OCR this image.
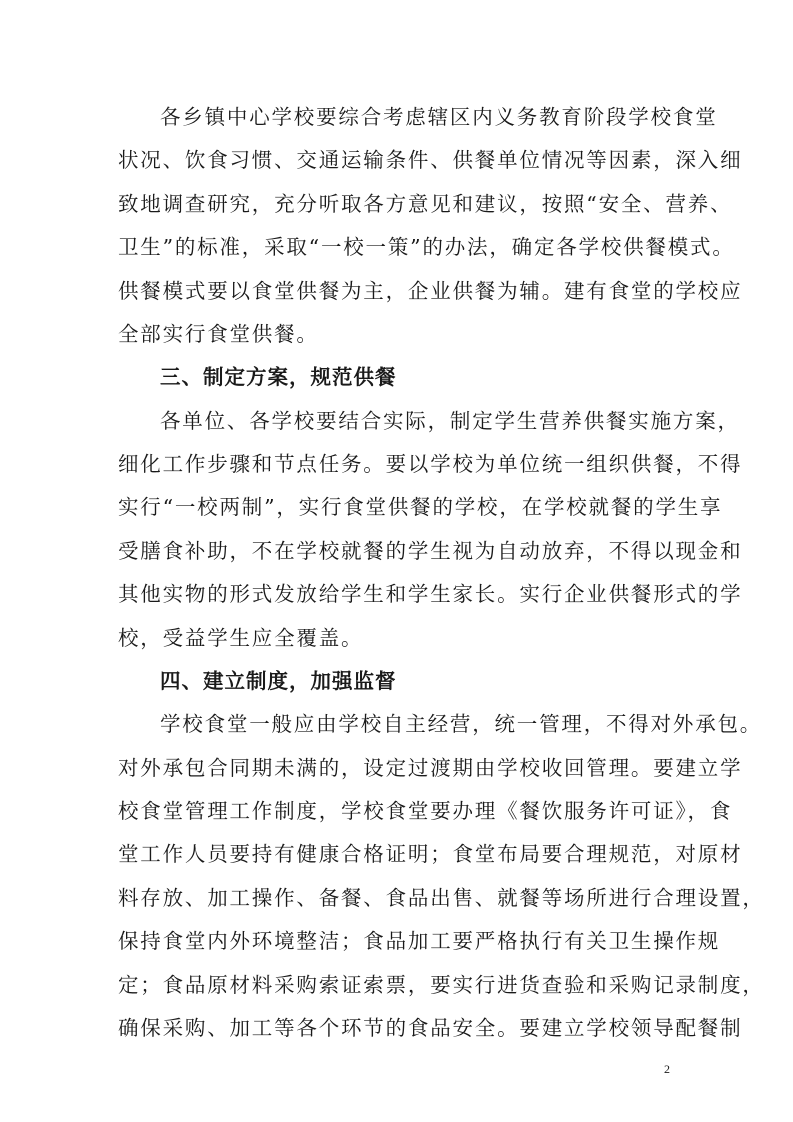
各乡镇中心学校要综合考虑辖区内义务教育阶段学校食堂
状况、饮食习惯、交通运输条件、供餐单位情况等因素，深入细
致地调查研究，充分听取各方意见和建议，按照“安全、营养、
卫生”的标准，采取“一校一策”的办法，确定各学校供餐模式。
供餐模式要以食堂供餐为主，企业供餐为辅。建有食堂的学校应
全部实行食堂供餐。
三、制定方案，规范供餐
各单位、各学校要结合实际，制定学生营养供餐实施方案，
细化工作步骤和节点任务。要以学校为单位统一组织供餐，不得
实行“一校两制”，实行食堂供餐的学校，在学校就餐的学生享
受膳食补助，不在学校就餐的学生视为自动放弃，不得以现金和
其他实物的形式发放给学生和学生家长。实行企业供餐形式的学
校，受益学生应全覆盖。
四、建立制度，加强监督
学校食堂一般应由学校自主经营，统一管理，不得对外承包。
对外承包合同期未满的，设定过渡期由学校收回管理。要建立学
校食堂管理工作制度，学校食堂要办理《餐饮服务许可证》，食
堂工作人员要持有健康合格证明；食堂布局要合理规范，对原材
料存放、加工操作、备餐、食品出售、就餐等场所进行合理设置，
保持食堂内外环境整洁；食品加工要严格执行有关卫生操作规
定；食品原材料采购索证索票，要实行进货查验和采购记录制度，
确保采购、加工等各个环节的食品安全。要建立学校领导配餐制
2
